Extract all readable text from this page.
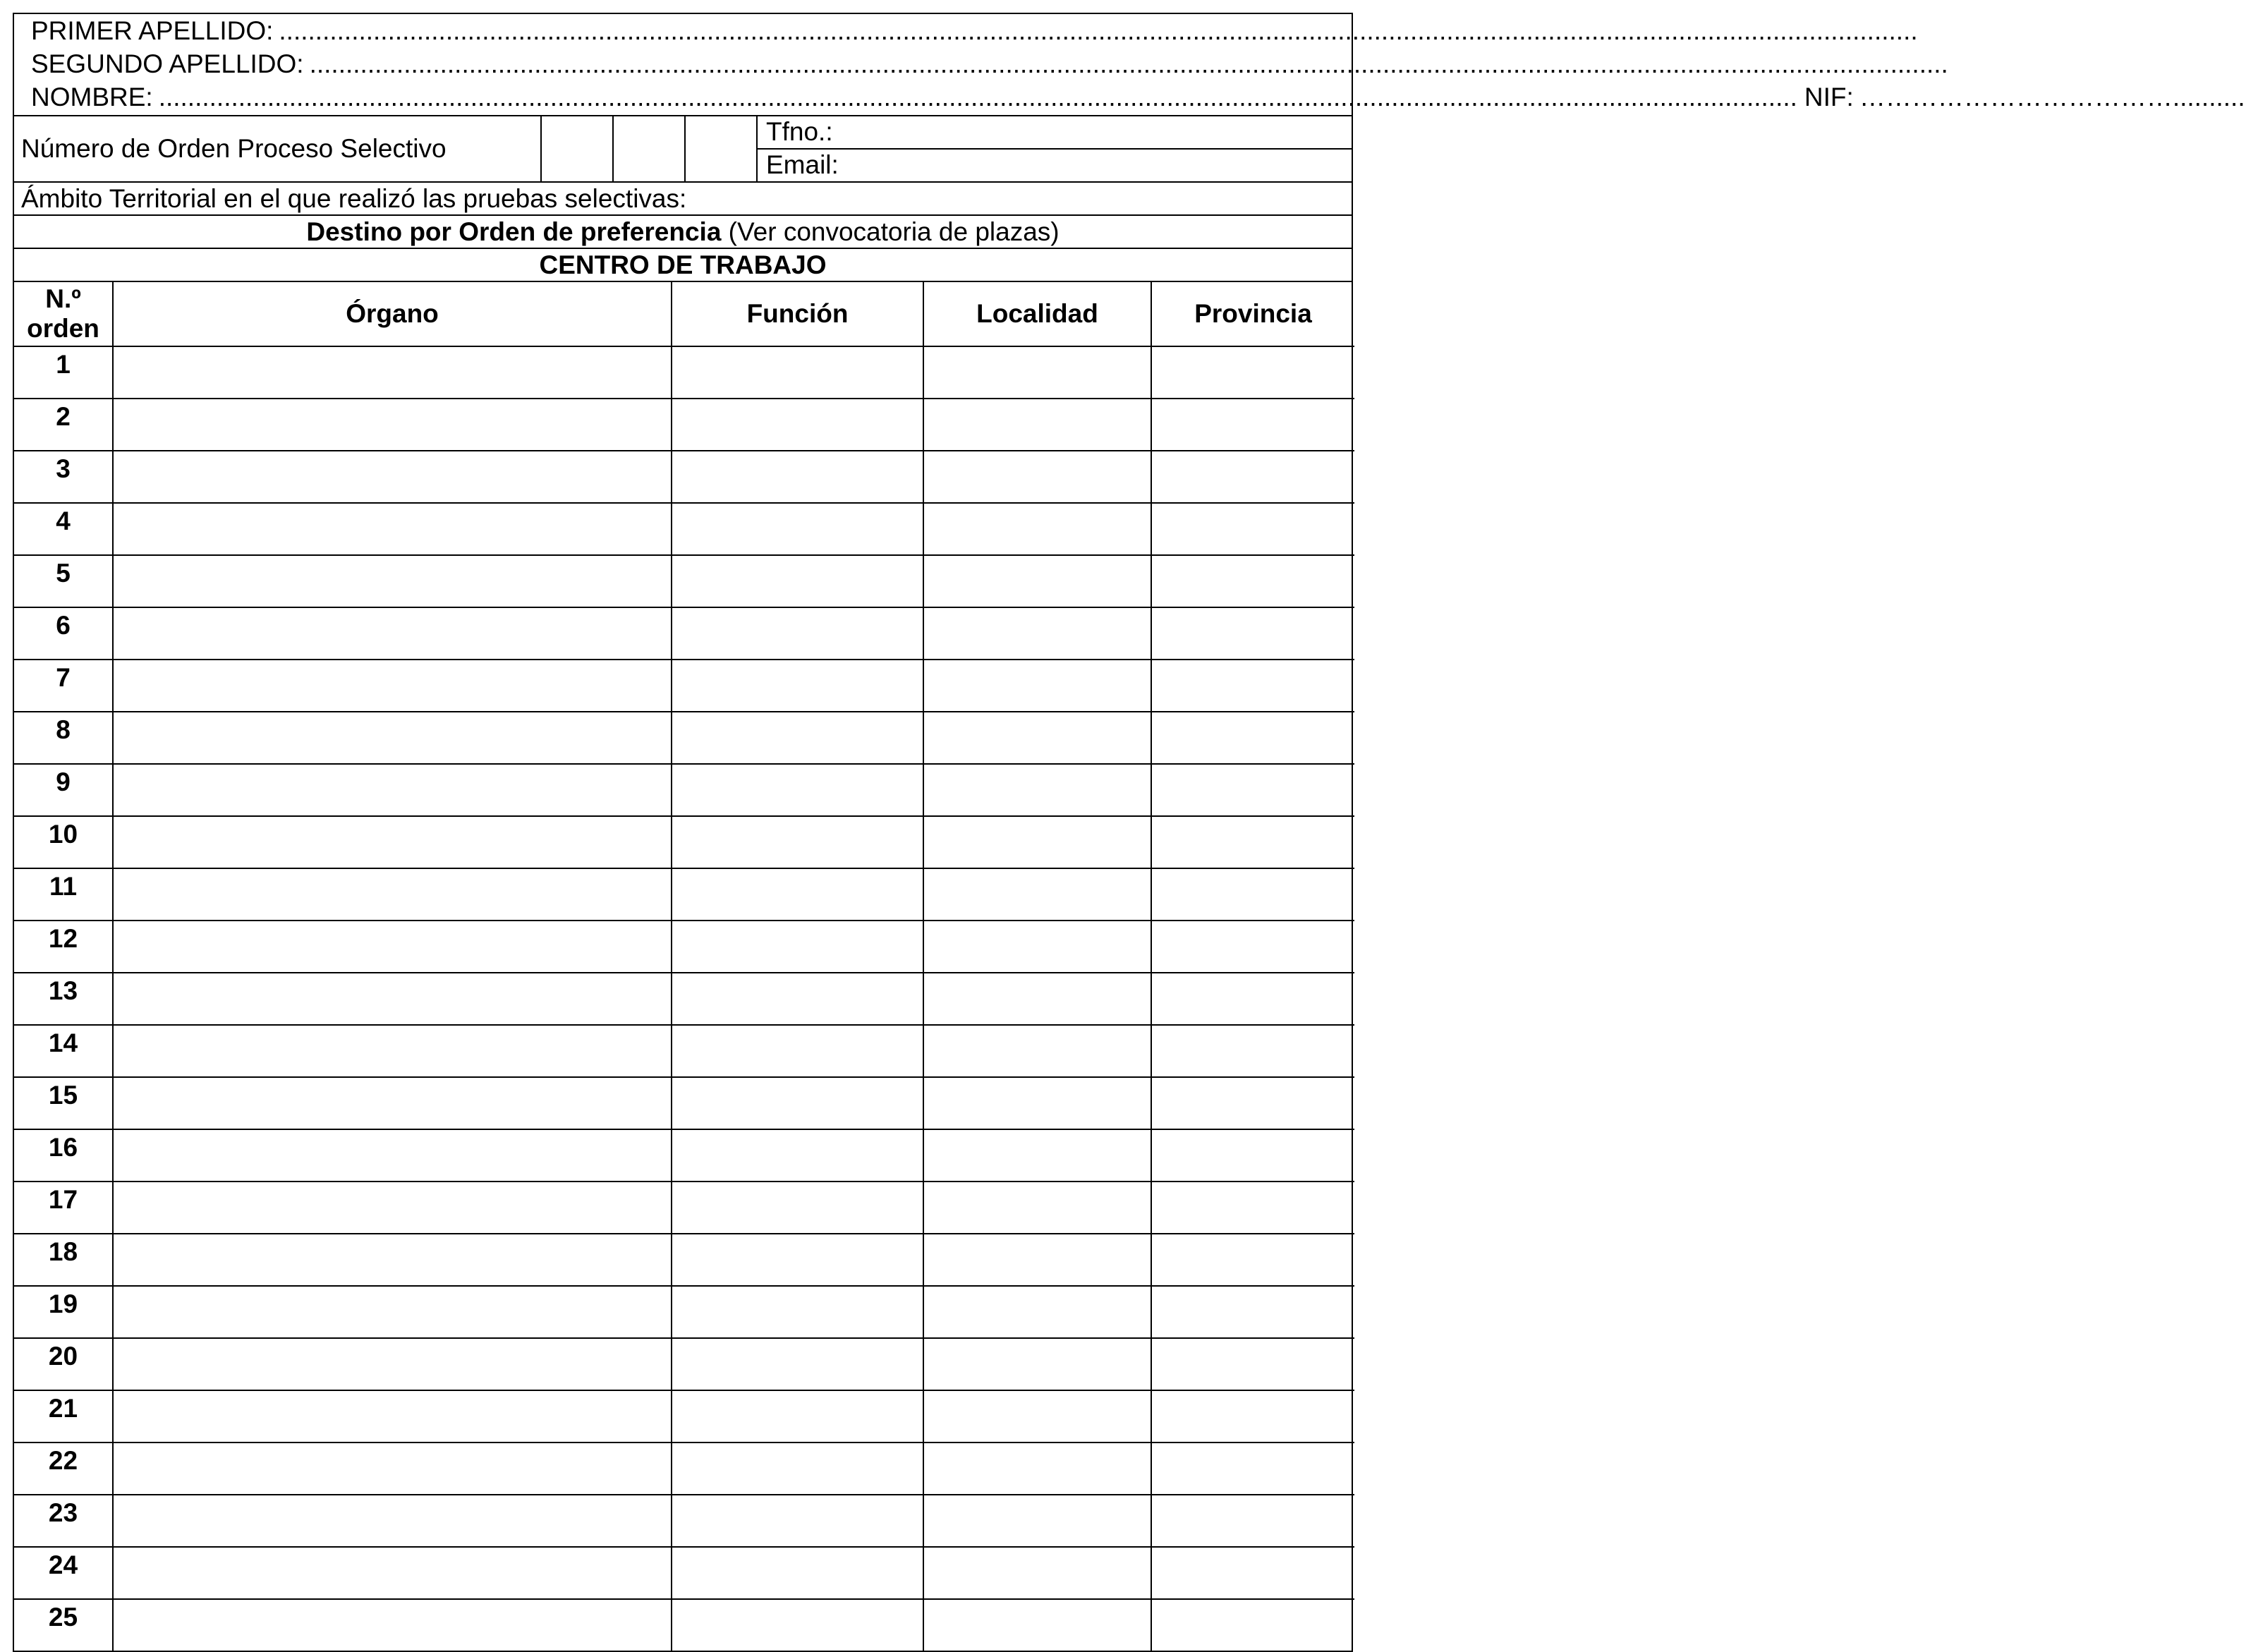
PRIMER APELLIDO: ..................................................................................................................................................................................................................................
SEGUNDO APELLIDO: ..................................................................................................................................................................................................................................
NOMBRE: .................................................................................................................................................................................................................................. NIF: ………………………………..........
Número de Orden Proceso Selectivo
Tfno.:
Email:
Ámbito Territorial en el que realizó las pruebas selectivas:
Destino por Orden de preferencia (Ver convocatoria de plazas)
CENTRO DE TRABAJO
N.º
orden	Órgano	Función	Localidad	Provincia
1				
2				
3				
4				
5				
6				
7				
8				
9				
10				
11				
12				
13				
14				
15				
16				
17				
18				
19				
20				
21				
22				
23				
24				
25				
